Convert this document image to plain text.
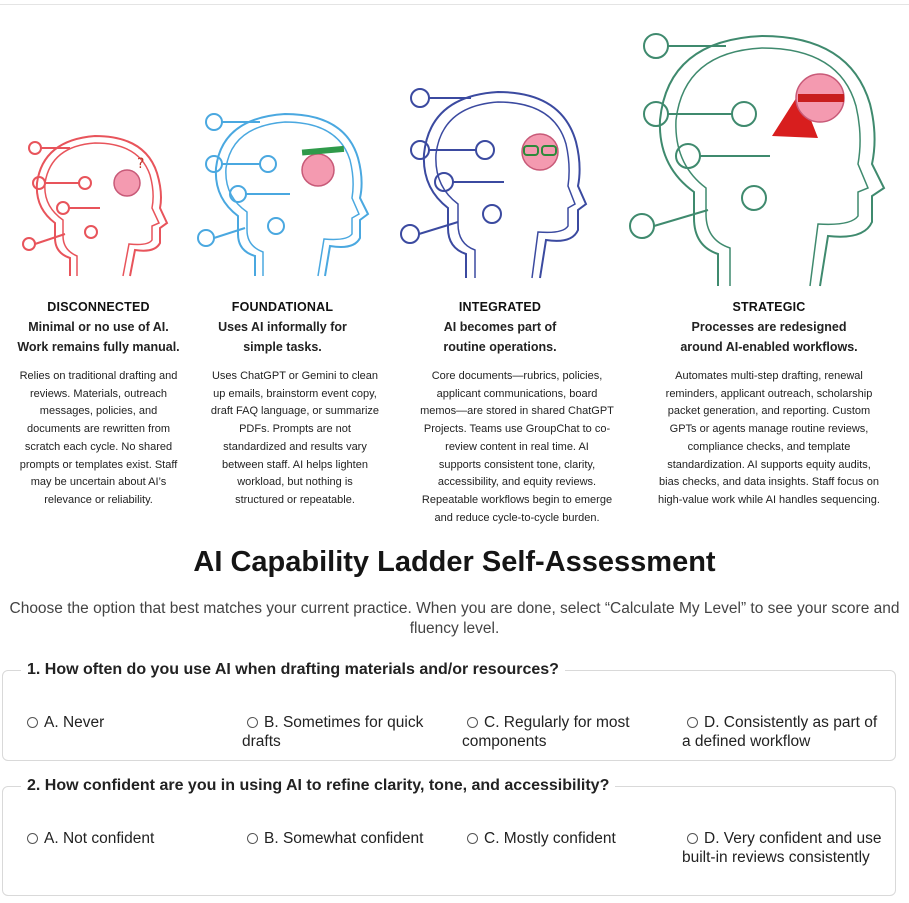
?
DISCONNECTED
Minimal or no use of AI.
Work remains fully manual.
Relies on traditional drafting and
reviews. Materials, outreach
messages, policies, and
documents are rewritten from
scratch each cycle. No shared
prompts or templates exist. Staff
may be uncertain about AI’s
relevance or reliability.
FOUNDATIONAL
Uses AI informally for
simple tasks.
Uses ChatGPT or Gemini to clean
up emails, brainstorm event copy,
draft FAQ language, or summarize
PDFs. Prompts are not
standardized and results vary
between staff. AI helps lighten
workload, but nothing is
structured or repeatable.
INTEGRATED
AI becomes part of
routine operations.
Core documents—rubrics, policies,
applicant communications, board
memos—are stored in shared ChatGPT
Projects. Teams use GroupChat to co-
review content in real time. AI
supports consistent tone, clarity,
accessibility, and equity reviews.
Repeatable workflows begin to emerge
and reduce cycle-to-cycle burden.
STRATEGIC
Processes are redesigned
around AI-enabled workflows.
Automates multi-step drafting, renewal
reminders, applicant outreach, scholarship
packet generation, and reporting. Custom
GPTs or agents manage routine reviews,
compliance checks, and template
standardization. AI supports equity audits,
bias checks, and data insights. Staff focus on
high-value work while AI handles sequencing.
AI Capability Ladder Self-Assessment

Choose the option that best matches your current practice. When you are done, select “Calculate My Level” to see your score and fluency level.

1. How often do you use AI when drafting materials and/or resources?
A. Never	B. Sometimes for quick drafts
C. Regularly for most components
D. Consistently as part of a defined workflow
2. How confident are you in using AI to refine clarity, tone, and accessibility?
A. Not confident	B. Somewhat confident	C. Mostly confident	D. Very confident and use built-in reviews consistently
